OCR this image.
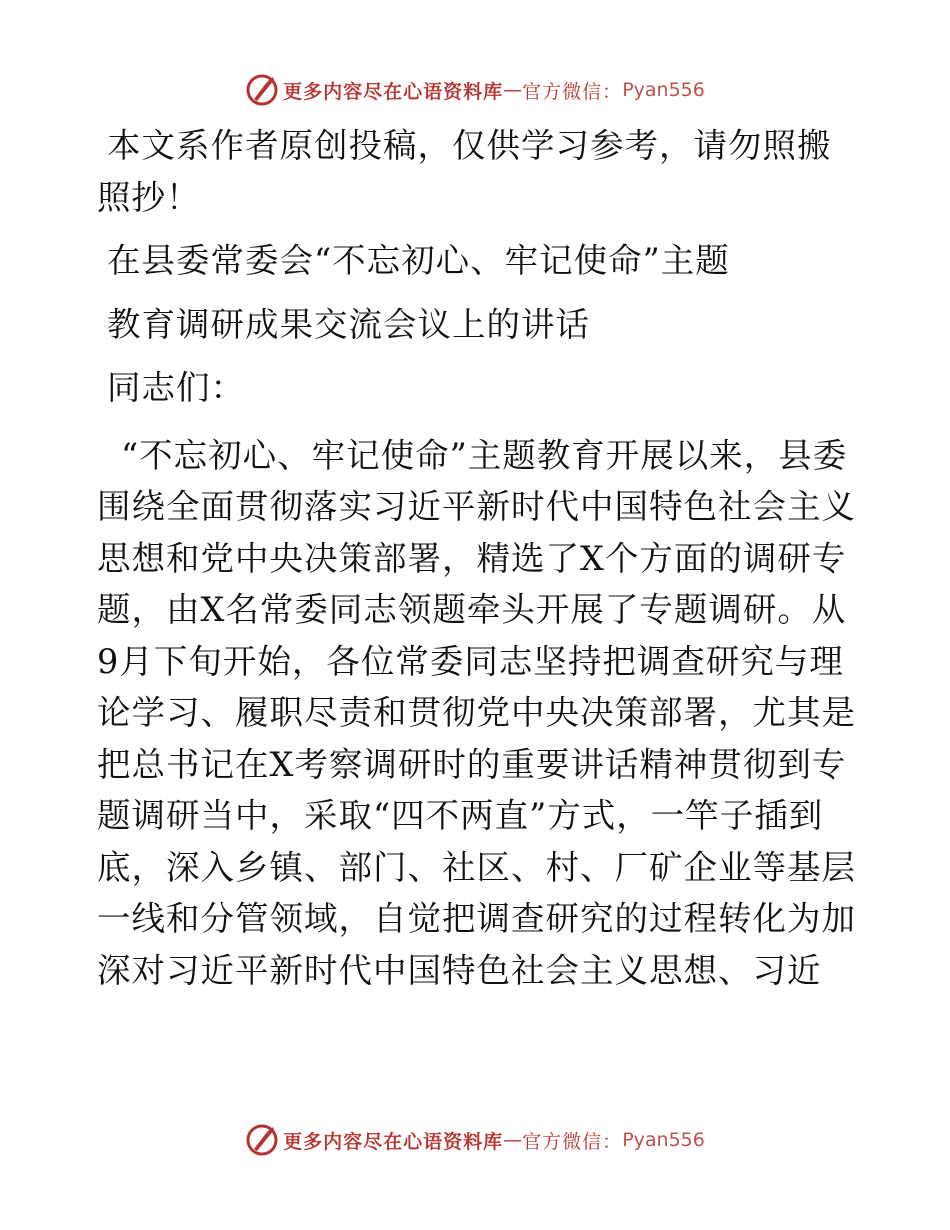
更多内容尽在心语资料库 — 官方微信： Pyan556

本文系作者原创投稿，仅供学习参考，请勿照搬照抄！

在县委常委会“不忘初心、牢记使命”主题

教育调研成果交流会议上的讲话

同志们：

“不忘初心、牢记使命”主题教育开展以来，县委围绕全面贯彻落实习近平新时代中国特色社会主义思想和党中央决策部署，精选了X个方面的调研专题，由X名常委同志领题牵头开展了专题调研。从9月下旬开始，各位常委同志坚持把调查研究与理论学习、履职尽责和贯彻党中央决策部署，尤其是把总书记在X考察调研时的重要讲话精神贯彻到专题调研当中，采取“四不两直”方式，一竿子插到底，深入乡镇、部门、社区、村、厂矿企业等基层一线和分管领域，自觉把调查研究的过程转化为加深对习近平新时代中国特色社会主义思想、习近

更多内容尽在心语资料库 — 官方微信： Pyan556
